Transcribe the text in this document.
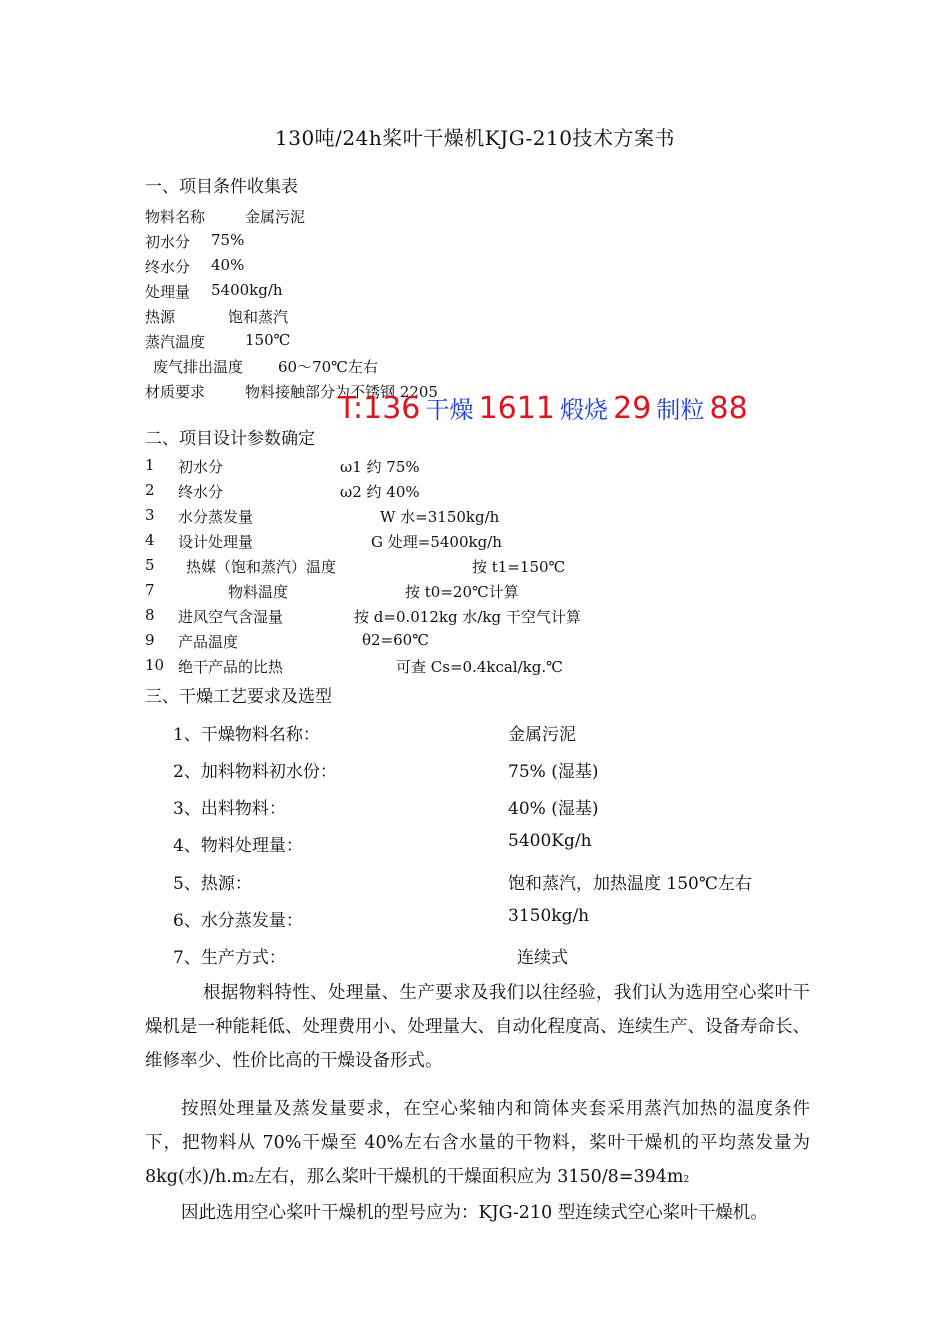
130吨/24h桨叶干燥机KJG-210技术方案书
一、项目条件收集表
物料名称	金属污泥
初水分 75%
终水分 40%
处理量 5400kg/h
热源	饱和蒸汽
蒸汽温度	150℃
废气排出温度 60～70℃左右
材质要求	物料接触部分为不锈钢 2205
T:136 干燥 1611 煅烧 29 制粒 88
二、项目设计参数确定
1 初水分	ω1 约 75%
2 终水分	ω2 约 40%
3 水分蒸发量	W 水=3150kg/h
4 设计处理量	G 处理=5400kg/h
5 热媒（饱和蒸汽）温度	按 t1=150℃
7	物料温度	按 t0=20℃计算
8 进风空气含湿量	按 d=0.012kg 水/kg 干空气计算
9 产品温度	θ2=60℃
10 绝干产品的比热	可查 Cs=0.4kcal/kg.℃
三、干燥工艺要求及选型
1、干燥物料名称：	金属污泥
2、加料物料初水份：	75% (湿基)
3、出料物料：	40% (湿基)
4、物料处理量：	5400Kg/h
5、热源：	饱和蒸汽，加热温度 150℃左右
6、水分蒸发量：	3150kg/h
7、生产方式：	连续式
根据物料特性、处理量、生产要求及我们以往经验，我们认为选用空心桨叶干燥机是一种能耗低、处理费用小、处理量大、自动化程度高、连续生产、设备寿命长、维修率少、性价比高的干燥设备形式。
按照处理量及蒸发量要求，在空心桨轴内和筒体夹套采用蒸汽加热的温度条件下，把物料从 70%干燥至 40%左右含水量的干物料，桨叶干燥机的平均蒸发量为 8kg(水)/h.m2左右，那么桨叶干燥机的干燥面积应为 3150/8=394m2
因此选用空心桨叶干燥机的型号应为：KJG-210 型连续式空心桨叶干燥机。
